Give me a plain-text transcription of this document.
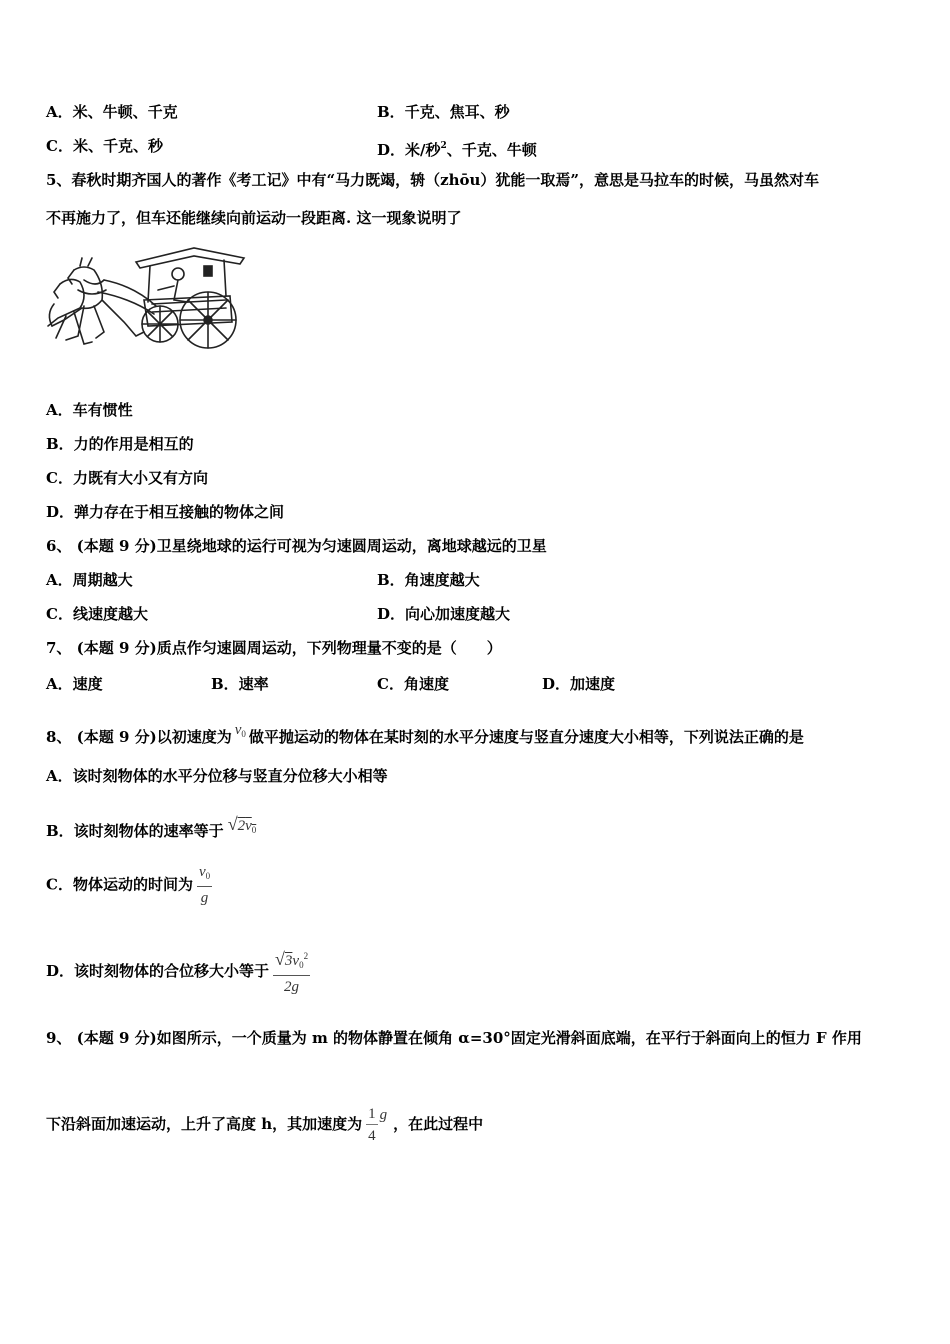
A．米、牛顿、千克	B．千克、焦耳、秒
C．米、千克、秒	D．米/秒$^2$、千克、牛顿
5、春秋时期齐国人的著作《考工记》中有“马力既竭，辀（zhōu）犹能一取焉”，意思是马拉车的时候，马虽然对车
不再施力了，但车还能继续向前运动一段距离. 这一现象说明了
A．车有惯性
B．力的作用是相互的
C．力既有大小又有方向
D．弹力存在于相互接触的物体之间
6、 (本题 9 分)卫星绕地球的运行可视为匀速圆周运动，离地球越远的卫星
A．周期越大	B．角速度越大
C．线速度越大	D．向心加速度越大
7、 (本题 9 分)质点作匀速圆周运动，下列物理量不变的是（　　）
A．速度	B．速率	C．角速度	D．加速度
8、 (本题 9 分)以初速度为 $v_0$ 做平抛运动的物体在某时刻的水平分速度与竖直分速度大小相等，下列说法正确的是
A．该时刻物体的水平分位移与竖直分位移大小相等
B．该时刻物体的速率等于 $√2v_0$
C．物体运动的时间为 $\frac{v_0}{g}$
D．该时刻物体的合位移大小等于 $\frac{√3v_0^2}{2g}$
9、 (本题 9 分)如图所示，一个质量为 m 的物体静置在倾角 α=30°固定光滑斜面底端，在平行于斜面向上的恒力 F 作用
下沿斜面加速运动，上升了高度 h，其加速度为 $\frac{1}{4}$ g ，在此过程中
